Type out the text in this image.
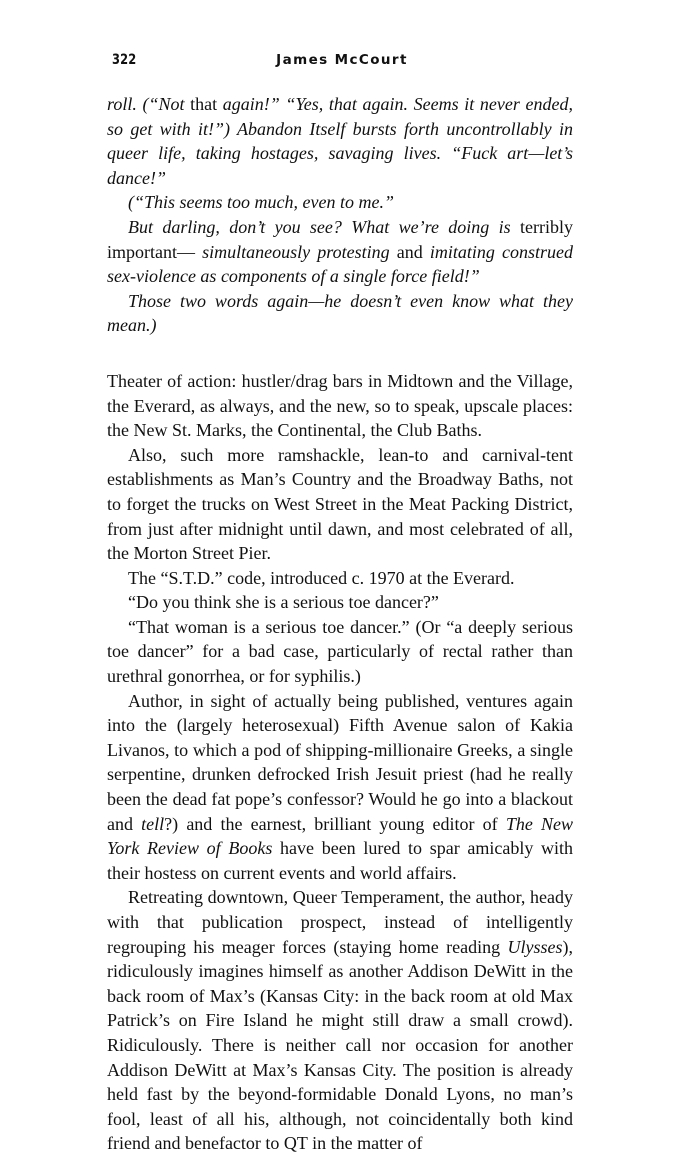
322	James McCourt

roll. (“Not that again!” “Yes, that again. Seems it never ended, so get with it!”) Abandon Itself bursts forth uncontrollably in queer life, taking hostages, savaging lives. “Fuck art—let’s dance!”

(“This seems too much, even to me.”

But darling, don’t you see? What we’re doing is terribly important— simultaneously protesting and imitating construed sex-violence as components of a single force field!”

Those two words again—he doesn’t even know what they mean.)

Theater of action: hustler/drag bars in Midtown and the Village, the Everard, as always, and the new, so to speak, upscale places: the New St. Marks, the Continental, the Club Baths.

Also, such more ramshackle, lean-to and carnival-tent establishments as Man’s Country and the Broadway Baths, not to forget the trucks on West Street in the Meat Packing District, from just after midnight until dawn, and most celebrated of all, the Morton Street Pier.

The “S.T.D.” code, introduced c. 1970 at the Everard.

“Do you think she is a serious toe dancer?”

“That woman is a serious toe dancer.” (Or “a deeply serious toe dancer” for a bad case, particularly of rectal rather than urethral gonorrhea, or for syphilis.)

Author, in sight of actually being published, ventures again into the (largely heterosexual) Fifth Avenue salon of Kakia Livanos, to which a pod of shipping-millionaire Greeks, a single serpentine, drunken defrocked Irish Jesuit priest (had he really been the dead fat pope’s confessor? Would he go into a blackout and tell?) and the earnest, brilliant young editor of The New York Review of Books have been lured to spar amicably with their hostess on current events and world affairs.

Retreating downtown, Queer Temperament, the author, heady with that publication prospect, instead of intelligently regrouping his meager forces (staying home reading Ulysses), ridiculously imagines himself as another Addison DeWitt in the back room of Max’s (Kansas City: in the back room at old Max Patrick’s on Fire Island he might still draw a small crowd). Ridiculously. There is neither call nor occasion for another Addison DeWitt at Max’s Kansas City. The position is already held fast by the beyond-formidable Donald Lyons, no man’s fool, least of all his, although, not coincidentally both kind friend and benefactor to QT in the matter of
